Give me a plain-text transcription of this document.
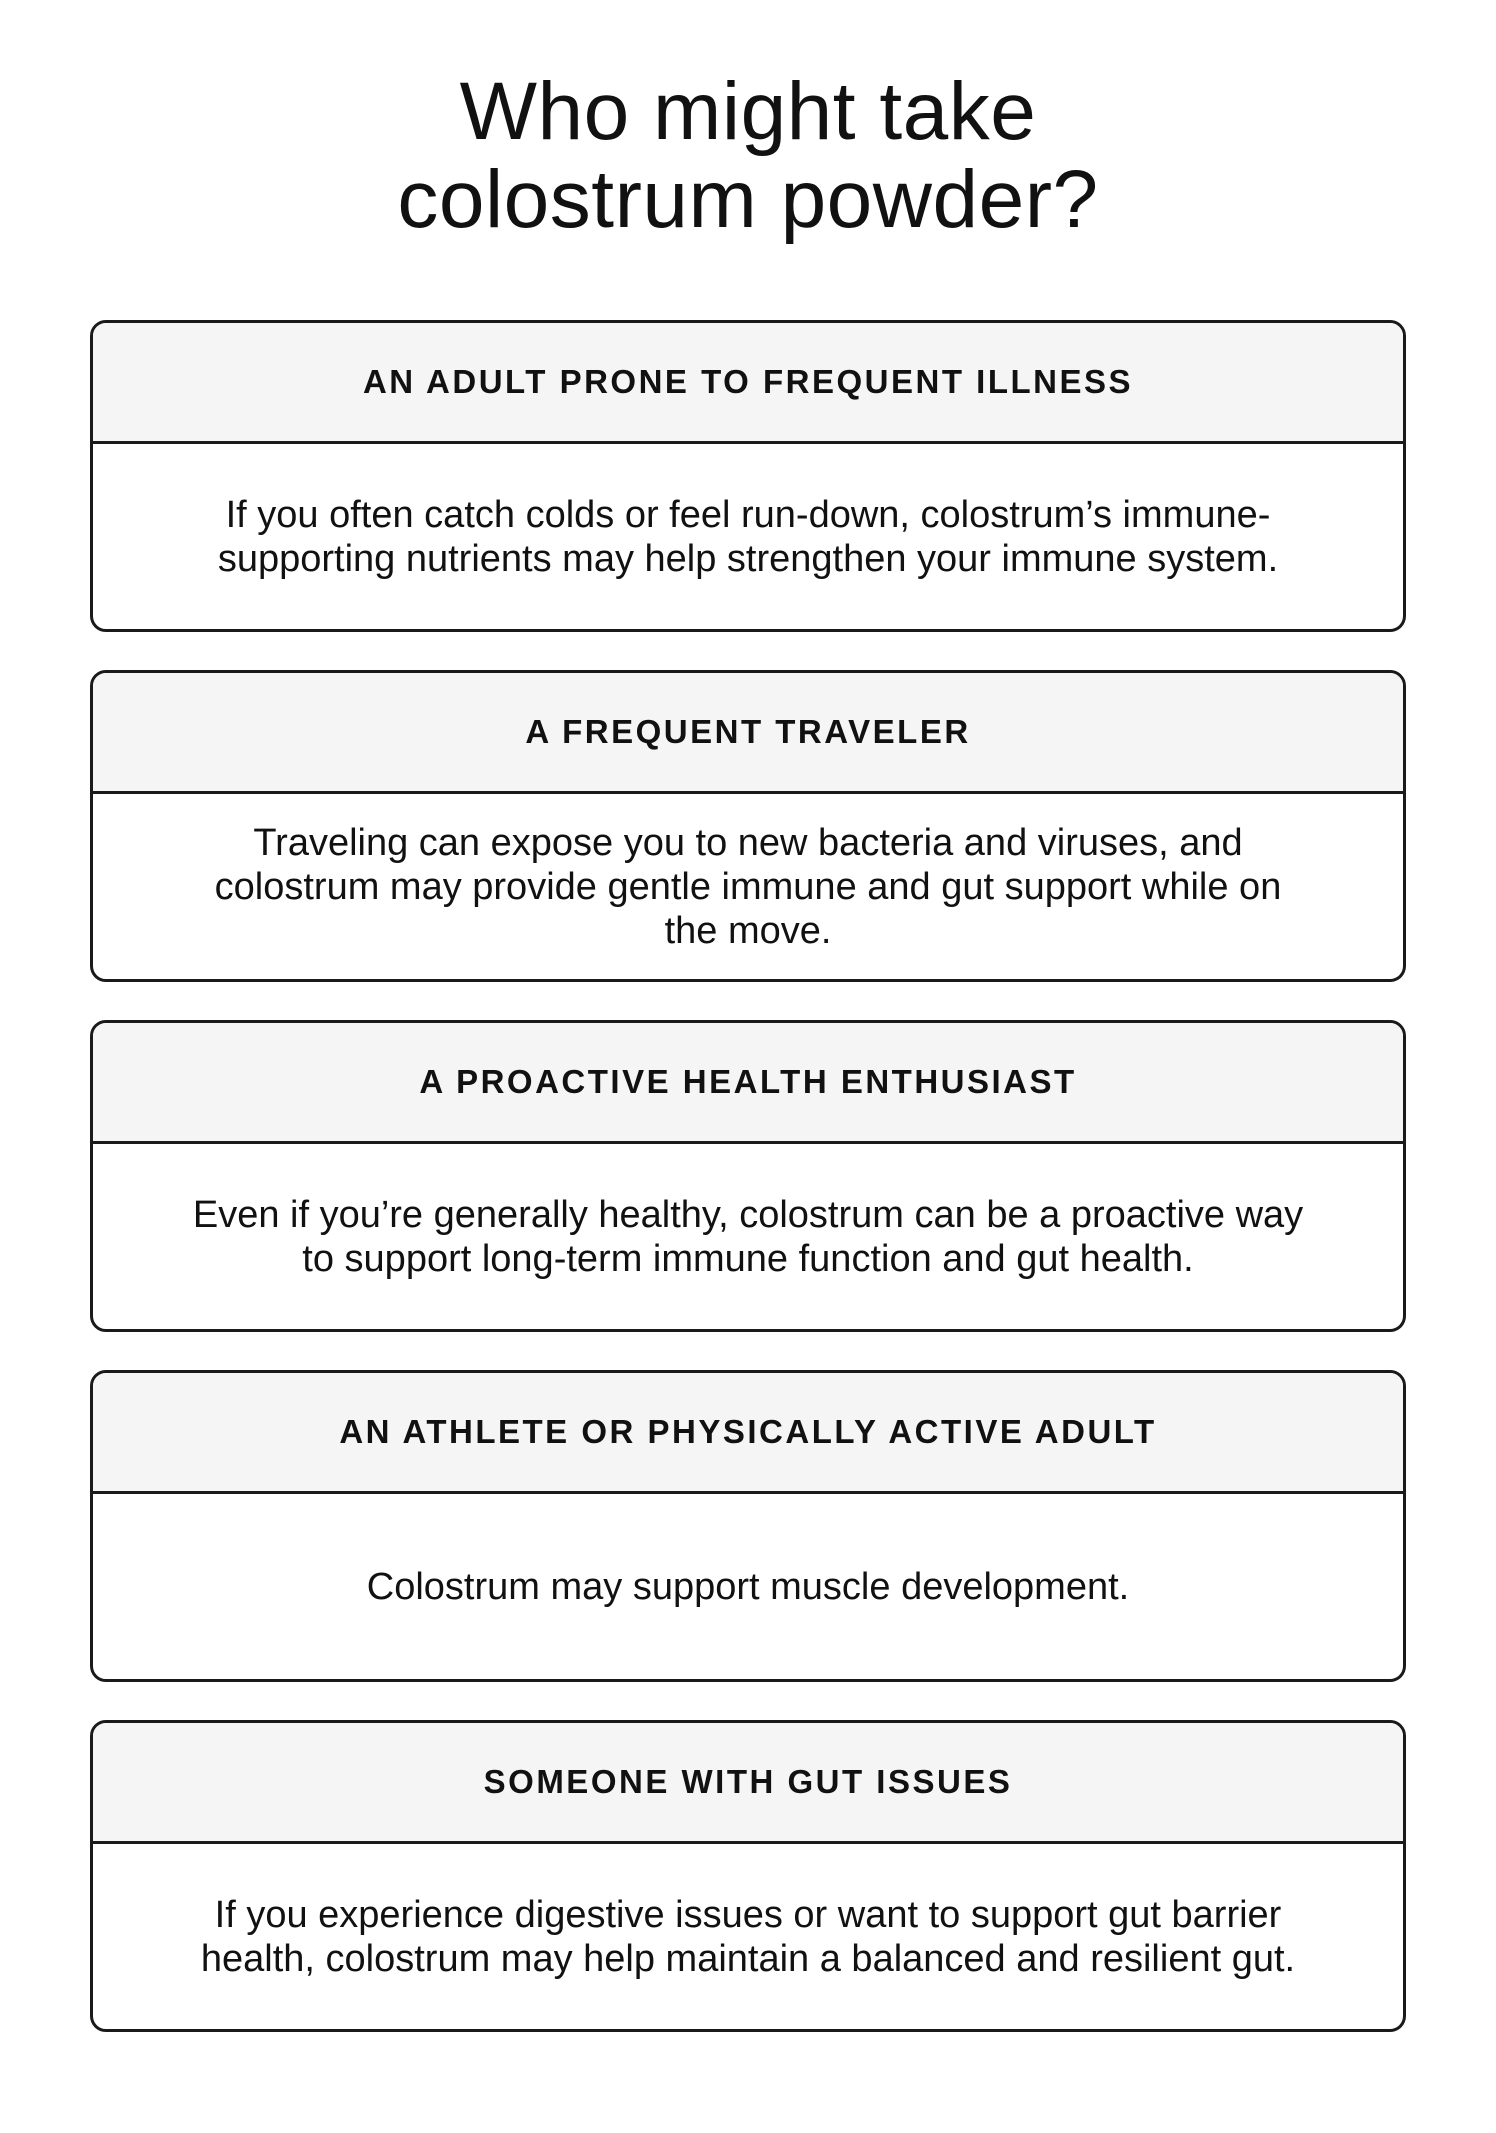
Who might take
colostrum powder?
AN ADULT PRONE TO FREQUENT ILLNESS

If you often catch colds or feel run-down, colostrum’s immune-supporting nutrients may help strengthen your immune system.

A FREQUENT TRAVELER

Traveling can expose you to new bacteria and viruses, and colostrum may provide gentle immune and gut support while on the move.

A PROACTIVE HEALTH ENTHUSIAST

Even if you’re generally healthy, colostrum can be a proactive way to support long-term immune function and gut health.

AN ATHLETE OR PHYSICALLY ACTIVE ADULT

Colostrum may support muscle development.

SOMEONE WITH GUT ISSUES

If you experience digestive issues or want to support gut barrier health, colostrum may help maintain a balanced and resilient gut.
